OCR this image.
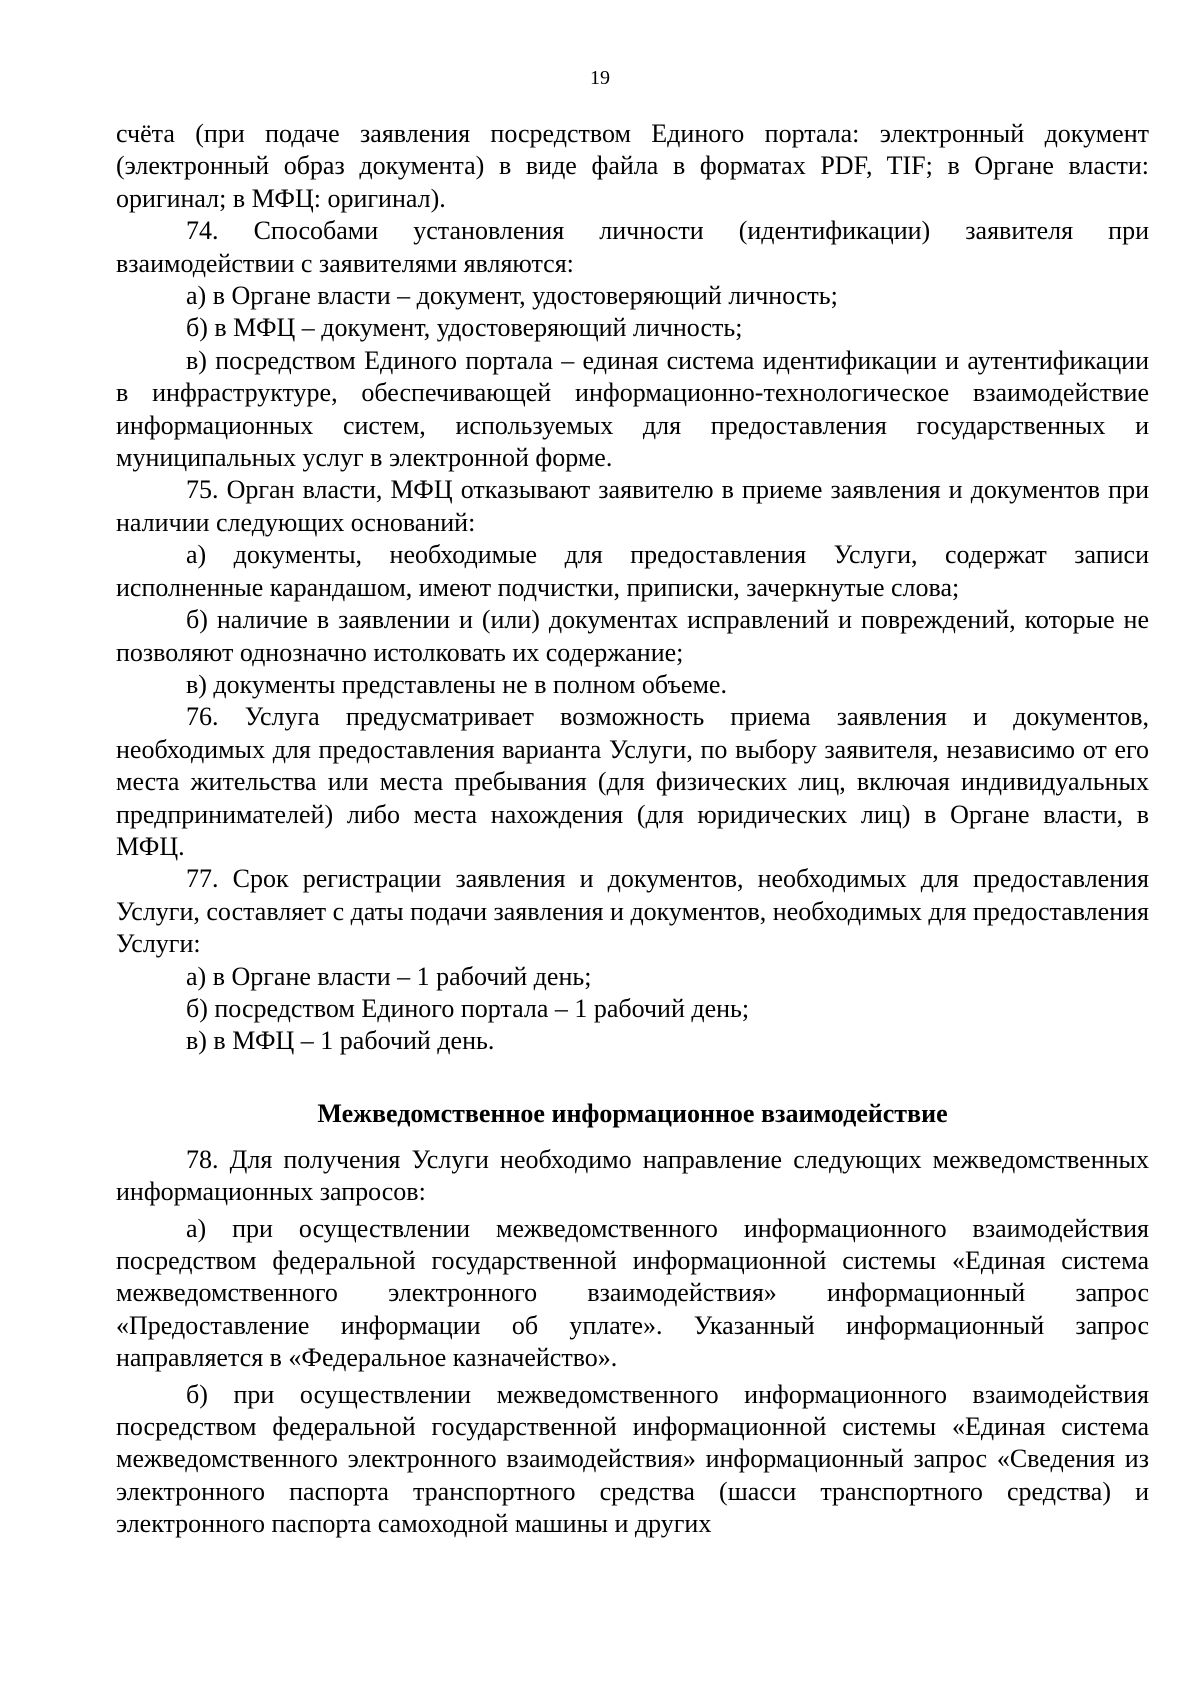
19

счёта (при подаче заявления посредством Единого портала: электронный документ (электронный образ документа) в виде файла в форматах PDF, TIF; в Органе власти: оригинал; в МФЦ: оригинал).

74. Способами установления личности (идентификации) заявителя при взаимодействии с заявителями являются:

а) в Органе власти – документ, удостоверяющий личность;

б) в МФЦ – документ, удостоверяющий личность;

в) посредством Единого портала – единая система идентификации и аутентификации в инфраструктуре, обеспечивающей информационно-технологическое взаимодействие информационных систем, используемых для предоставления государственных и муниципальных услуг в электронной форме.

75. Орган власти, МФЦ отказывают заявителю в приеме заявления и документов при наличии следующих оснований:

а) документы, необходимые для предоставления Услуги, содержат записи исполненные карандашом, имеют подчистки, приписки, зачеркнутые слова;

б) наличие в заявлении и (или) документах исправлений и повреждений, которые не позволяют однозначно истолковать их содержание;

в) документы представлены не в полном объеме.

76. Услуга предусматривает возможность приема заявления и документов, необходимых для предоставления варианта Услуги, по выбору заявителя, независимо от его места жительства или места пребывания (для физических лиц, включая индивидуальных предпринимателей) либо места нахождения (для юридических лиц) в Органе власти, в МФЦ.

77. Срок регистрации заявления и документов, необходимых для предоставления Услуги, составляет с даты подачи заявления и документов, необходимых для предоставления Услуги:

а) в Органе власти – 1 рабочий день;

б) посредством Единого портала – 1 рабочий день;

в) в МФЦ – 1 рабочий день.

Межведомственное информационное взаимодействие

78. Для получения Услуги необходимо направление следующих межведомственных информационных запросов:

а) при осуществлении межведомственного информационного взаимодействия посредством федеральной государственной информационной системы «Единая система межведомственного электронного взаимодействия» информационный запрос «Предоставление информации об уплате». Указанный информационный запрос направляется в «Федеральное казначейство».

б) при осуществлении межведомственного информационного взаимодействия посредством федеральной государственной информационной системы «Единая система межведомственного электронного взаимодействия» информационный запрос «Сведения из электронного паспорта транспортного средства (шасси транспортного средства) и электронного паспорта самоходной машины и других
